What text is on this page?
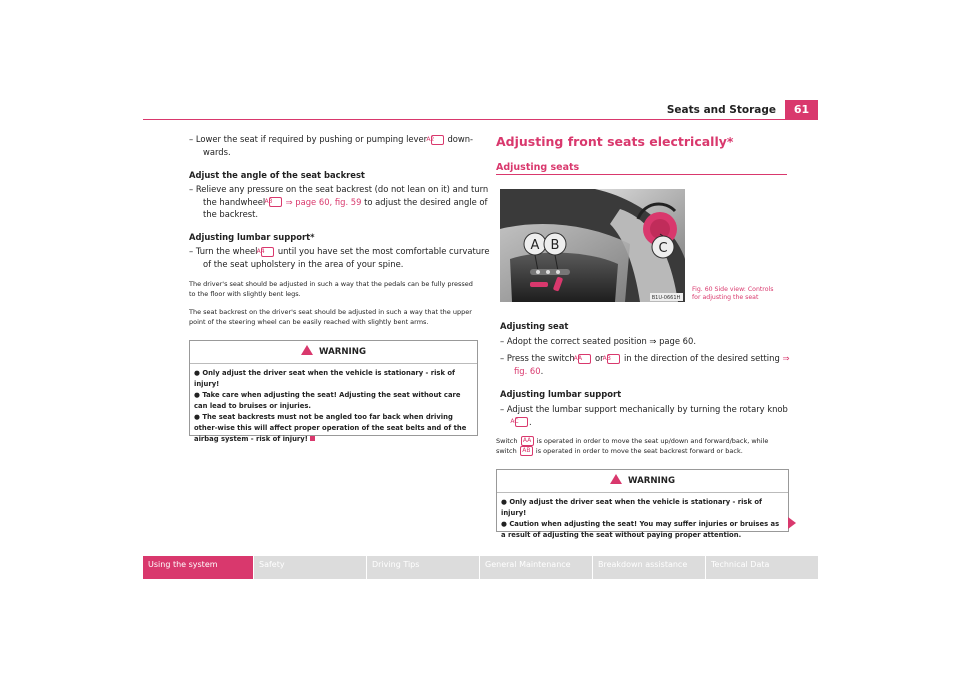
Seats and Storage	61
– Lower the seat if required by pushing or pumping lever A2 down-wards.
Adjust the angle of the seat backrest
– Relieve any pressure on the seat backrest (do not lean on it) and turn the handwheel A3 ⇒ page 60, fig. 59 to adjust the desired angle of the backrest.
Adjusting lumbar support*
– Turn the wheel A4 until you have set the most comfortable curvature of the seat upholstery in the area of your spine.
The driver's seat should be adjusted in such a way that the pedals can be fully pressed to the floor with slightly bent legs.
The seat backrest on the driver's seat should be adjusted in such a way that the upper point of the steering wheel can be easily reached with slightly bent arms.
WARNING
● Only adjust the driver seat when the vehicle is stationary - risk of injury!
● Take care when adjusting the seat! Adjusting the seat without care can lead to bruises or injuries.
● The seat backrests must not be angled too far back when driving other-wise this will affect proper operation of the seat belts and of the airbag system - risk of injury!
Adjusting front seats electrically*
Adjusting seats
A B	C
B1U-0661H
Fig. 60 Side view: Controls
for adjusting the seat
Adjusting seat
– Adopt the correct seated position ⇒ page 60.
– Press the switch AA or AB in the direction of the desired setting ⇒ fig. 60.
Adjusting lumbar support
– Adjust the lumbar support mechanically by turning the rotary knob
AC .
Switch AA is operated in order to move the seat up/down and forward/back, while
switch AB is operated in order to move the seat backrest forward or back.
WARNING
● Only adjust the driver seat when the vehicle is stationary - risk of injury!
● Caution when adjusting the seat! You may suffer injuries or bruises as a result of adjusting the seat without paying proper attention.
Using the system	Safety	Driving Tips	General Maintenance	Breakdown assistance	Technical Data
